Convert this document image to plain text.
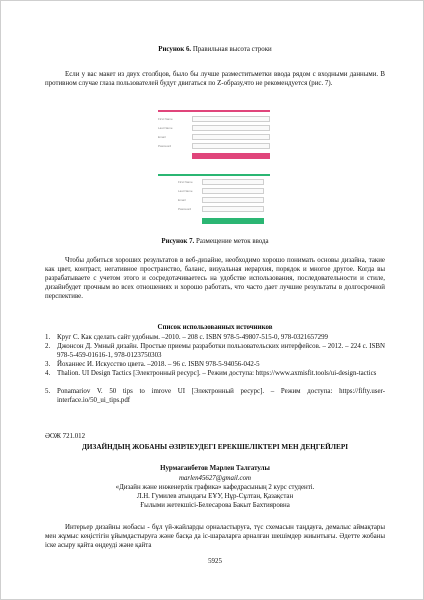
Рисунок 6. Правильная высота строки
Если у вас макет из двух столбцов, было бы лучше разместитьметки ввода рядом с входными данными. В противном случае глаза пользователей будут двигаться по Z-образу,что не рекомендуется (рис. 7).
First Name
Last Name
Email
Password
First Name
Last Name
Email
Password
Рисунок 7. Размещение меток ввода
Чтобы добиться хороших результатов в веб-дизайне, необходимо хорошо понимать основы дизайна, такие как цвет, контраст, негативное пространство, баланс, визуальная иерархия, порядок и многое другое. Когда вы разрабатываете с учетом этого и сосредотачиваетесь на удобстве использования, последовательности и стиле, дизайнбудет прочным во всех отношениях и хорошо работать, что часто дает лучшие результаты в долгосрочной перспективе.
Список использованных источников
1. Круг С. Как сделать сайт удобным. –2010. – 208 с. ISBN 978-5-49807-515-0, 978-0321657299
2. Джонсон Д. Умный дизайн. Простые приемы разработки пользовательских интерфейсов. – 2012. – 224 с. ISBN 978-5-459-01616-1, 978-0123750303
3. Йоханнес И. Искусство цвета. –2018. – 96 с. ISBN 978-5-94056-042-5
4. Thalion. UI Design Tactics [Электронный ресурс]. – Режим доступа: https://www.axmisfit.tools/ui-design-tactics
5. Ponamariov V. 50 tips to imrove UI [Электронный ресурс]. – Режим доступа: https://fifty.user-interface.io/50_ui_tips.pdf
ӘОЖ 721.012
ДИЗАЙНДЫҢ ЖОБАНЫ ӘЗІРЛЕУДЕГІ ЕРЕКШЕЛІКТЕРІ МЕН ДЕҢГЕЙЛЕРІ
Нурмаганбетов Марлен Талгатулы
marlen45627@gmail.com
«Дизайн және инженерлік графика» кафедрасының 2 курс студенті.
Л.Н. Гумилев атындағы ЕҰУ, Нұр-Сұлтан, Қазақстан
Ғылыми жетекшісі-Белесарова Бакыт Бахтияровна
Интерьер дизайны жобасы - бұл үй-жайларды орналастыруға, түс схемасын таңдауға, демалыс аймақтары мен жұмыс кеңістігін ұйымдастыруға және басқа да іс-шараларға арналған шешімдер жиынтығы. Әдетте жобаны іске асыру қайта өңдеуді және қайта
5925
